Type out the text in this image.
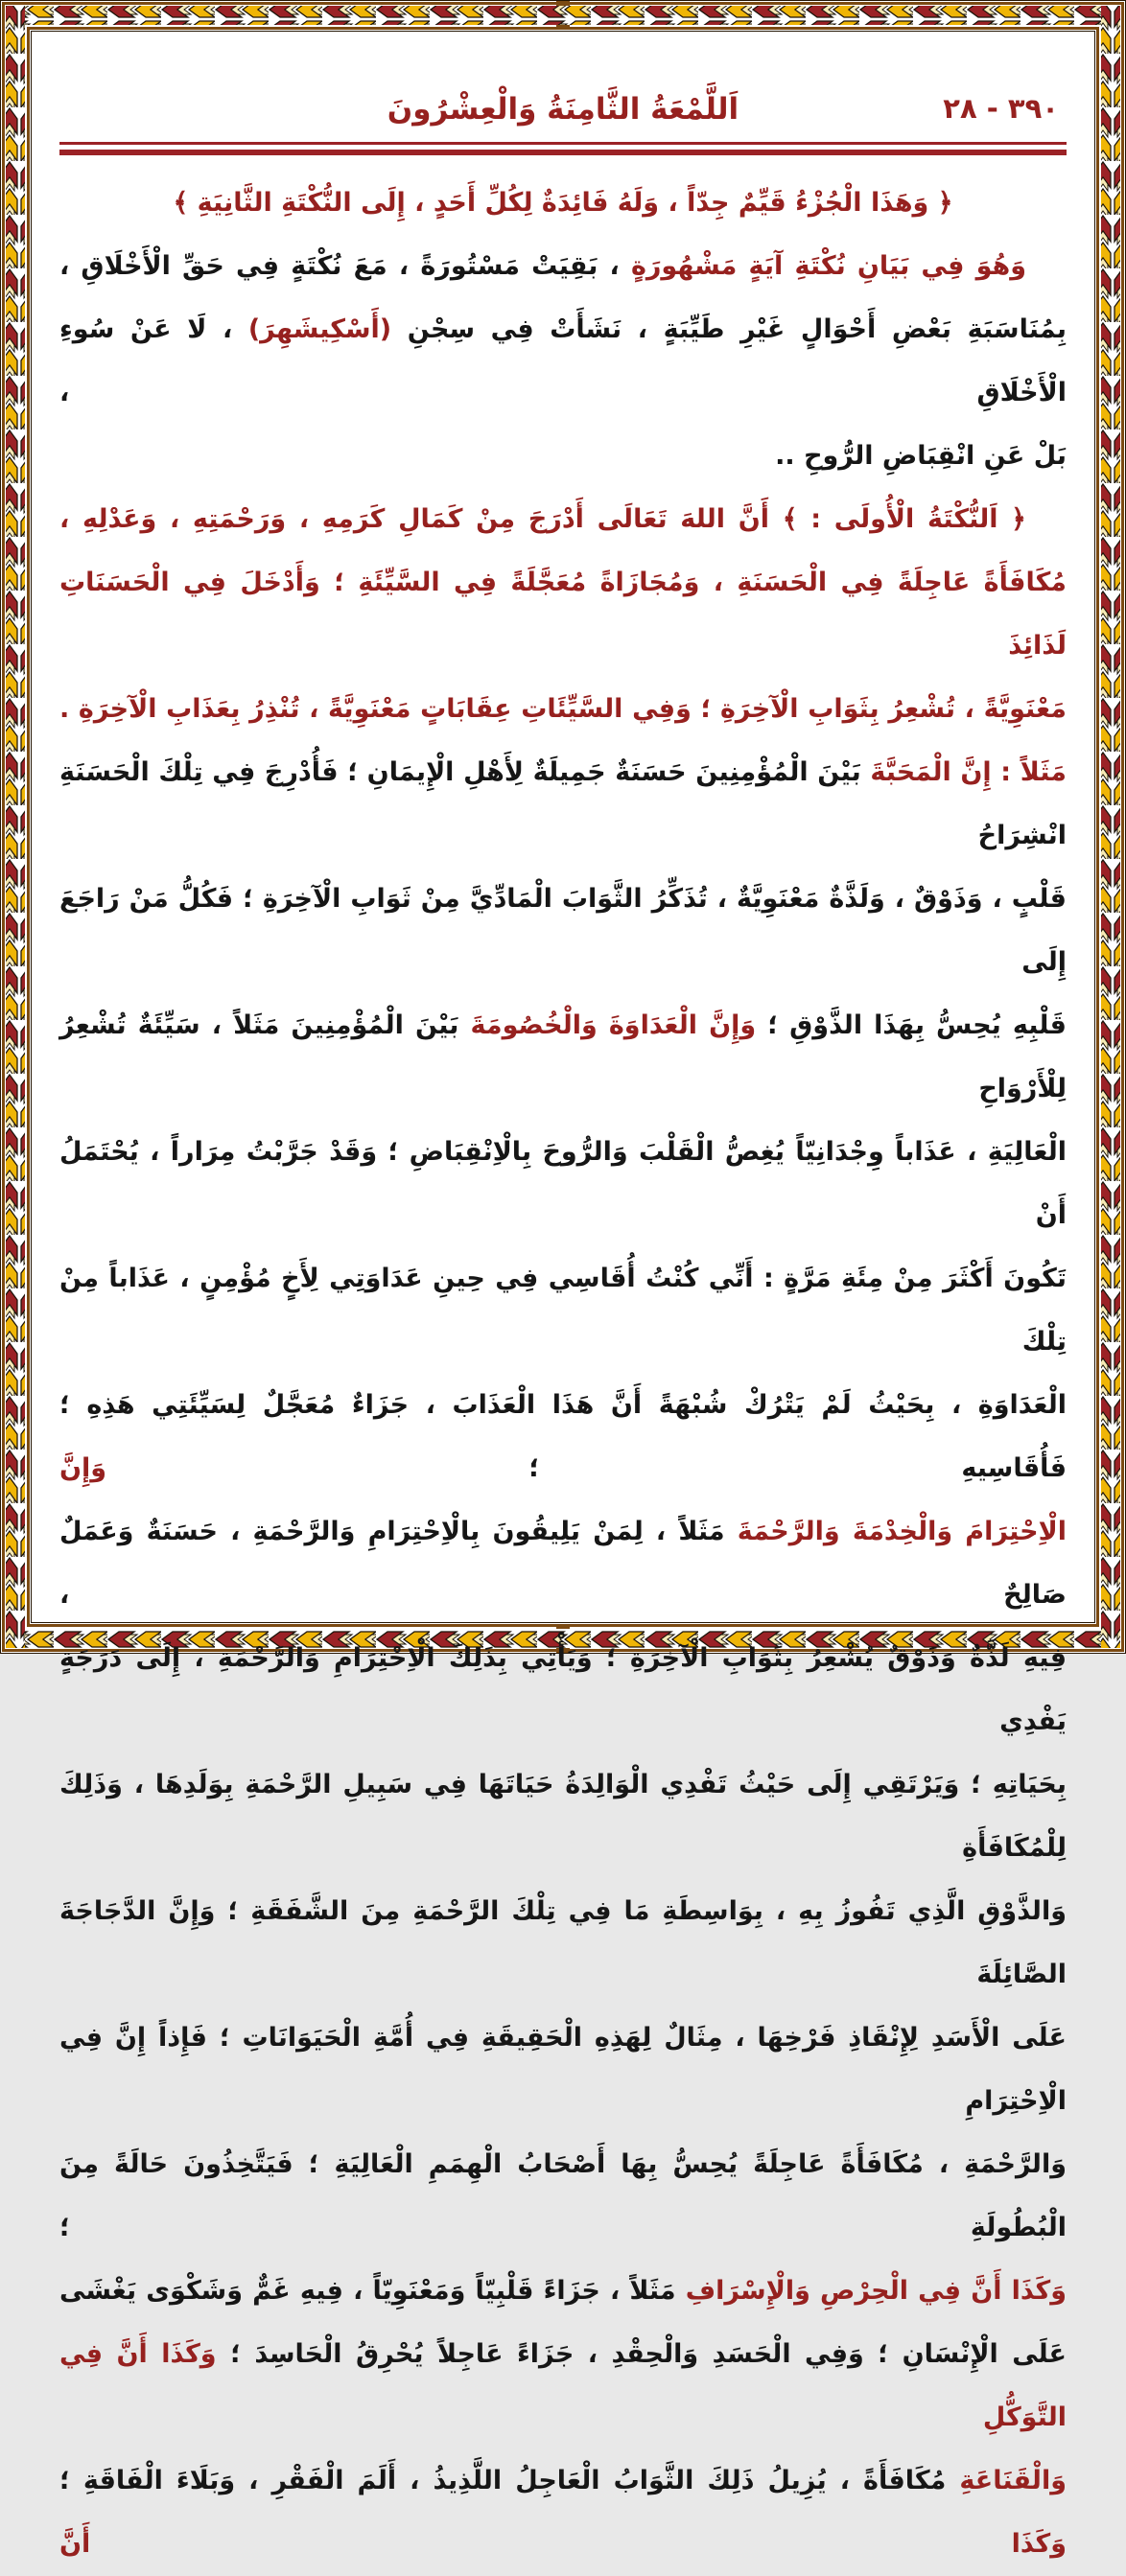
٣٩٠ - ٢٨
اَللَّمْعَةُ الثَّامِنَةُ وَالْعِشْرُونَ
﴿ وَهَذَا الْجُزْءُ قَيِّمٌ جِدّاً ، وَلَهُ فَائِدَةٌ لِكُلِّ أَحَدٍ ، إِلَى النُّكْتَةِ الثَّانِيَةِ ﴾
وَهُوَ فِي بَيَانِ نُكْتَةِ آيَةٍ مَشْهُورَةٍ ، بَقِيَتْ مَسْتُورَةً ، مَعَ نُكْتَةٍ فِي حَقِّ الْأَخْلَاقِ ،
بِمُنَاسَبَةِ بَعْضِ أَحْوَالٍ غَيْرِ طَيِّبَةٍ ، نَشَأَتْ فِي سِجْنِ (أَسْكِيشَهِرَ) ، لَا عَنْ سُوءِ الْأَخْلَاقِ ،
بَلْ عَنِ انْقِبَاضِ الرُّوحِ ..
﴿ اَلنُّكْتَةُ الْأُولَى : ﴾ أَنَّ اللهَ تَعَالَى أَدْرَجَ مِنْ كَمَالِ كَرَمِهِ ، وَرَحْمَتِهِ ، وَعَدْلِهِ ،
مُكَافَأَةً عَاجِلَةً فِي الْحَسَنَةِ ، وَمُجَازَاةً مُعَجَّلَةً فِي السَّيِّئَةِ ؛ وَأَدْخَلَ فِي الْحَسَنَاتِ لَذَائِذَ
مَعْنَوِيَّةً ، تُشْعِرُ بِثَوَابِ الْآخِرَةِ ؛ وَفِي السَّيِّئَاتِ عِقَابَاتٍ مَعْنَوِيَّةً ، تُنْذِرُ بِعَذَابِ الْآخِرَةِ .
مَثَلاً : إِنَّ الْمَحَبَّةَ بَيْنَ الْمُؤْمِنِينَ حَسَنَةٌ جَمِيلَةٌ لِأَهْلِ الْإِيمَانِ ؛ فَأُدْرِجَ فِي تِلْكَ الْحَسَنَةِ انْشِرَاحُ
قَلْبٍ ، وَذَوْقٌ ، وَلَذَّةٌ مَعْنَوِيَّةٌ ، تُذَكِّرُ الثَّوَابَ الْمَادِّيَّ مِنْ ثَوَابِ الْآخِرَةِ ؛ فَكُلُّ مَنْ رَاجَعَ إِلَى
قَلْبِهِ يُحِسُّ بِهَذَا الذَّوْقِ ؛ وَإِنَّ الْعَدَاوَةَ وَالْخُصُومَةَ بَيْنَ الْمُؤْمِنِينَ مَثَلاً ، سَيِّئَةٌ تُشْعِرُ لِلْأَرْوَاحِ
الْعَالِيَةِ ، عَذَاباً وِجْدَانِيّاً يُغِصُّ الْقَلْبَ وَالرُّوحَ بِالْاِنْقِبَاضِ ؛ وَقَدْ جَرَّبْتُ مِرَاراً ، يُحْتَمَلُ أَنْ
تَكُونَ أَكْثَرَ مِنْ مِئَةِ مَرَّةٍ : أَنِّي كُنْتُ أُقَاسِي فِي حِينِ عَدَاوَتِي لِأَخٍ مُؤْمِنٍ ، عَذَاباً مِنْ تِلْكَ
الْعَدَاوَةِ ، بِحَيْثُ لَمْ يَتْرُكْ شُبْهَةً أَنَّ هَذَا الْعَذَابَ ، جَزَاءٌ مُعَجَّلٌ لِسَيِّئَتِي هَذِهِ ؛ فَأُقَاسِيهِ ؛ وَإِنَّ
الْاِحْتِرَامَ وَالْخِدْمَةَ وَالرَّحْمَةَ مَثَلاً ، لِمَنْ يَلِيقُونَ بِالْاِحْتِرَامِ وَالرَّحْمَةِ ، حَسَنَةٌ وَعَمَلٌ صَالِحٌ ،
فِيهِ لَذَّةٌ وَذَوْقٌ يُشْعِرُ بِثَوَابِ الْآخِرَةِ ؛ وَيَأْتِي بِذَلِكَ الْاِحْتِرَامِ وَالرَّحْمَةِ ، إِلَى دَرَجَةٍ يَفْدِي
بِحَيَاتِهِ ؛ وَيَرْتَقِي إِلَى حَيْثُ تَفْدِي الْوَالِدَةُ حَيَاتَهَا فِي سَبِيلِ الرَّحْمَةِ بِوَلَدِهَا ، وَذَلِكَ لِلْمُكَافَأَةِ
وَالذَّوْقِ الَّذِي تَفُوزُ بِهِ ، بِوَاسِطَةِ مَا فِي تِلْكَ الرَّحْمَةِ مِنَ الشَّفَقَةِ ؛ وَإِنَّ الدَّجَاجَةَ الصَّائِلَةَ
عَلَى الْأَسَدِ لِإِنْقَاذِ فَرْخِهَا ، مِثَالٌ لِهَذِهِ الْحَقِيقَةِ فِي أُمَّةِ الْحَيَوَانَاتِ ؛ فَإِذاً إِنَّ فِي الْاِحْتِرَامِ
وَالرَّحْمَةِ ، مُكَافَأَةً عَاجِلَةً يُحِسُّ بِهَا أَصْحَابُ الْهِمَمِ الْعَالِيَةِ ؛ فَيَتَّخِذُونَ حَالَةً مِنَ الْبُطُولَةِ ؛
وَكَذَا أَنَّ فِي الْحِرْصِ وَالْإِسْرَافِ مَثَلاً ، جَزَاءً قَلْبِيّاً وَمَعْنَوِيّاً ، فِيهِ غَمٌّ وَشَكْوَى يَغْشَى
عَلَى الْإِنْسَانِ ؛ وَفِي الْحَسَدِ وَالْحِقْدِ ، جَزَاءً عَاجِلاً يُحْرِقُ الْحَاسِدَ ؛ وَكَذَا أَنَّ فِي التَّوَكُّلِ
وَالْقَنَاعَةِ مُكَافَأَةً ، يُزِيلُ ذَلِكَ الثَّوَابُ الْعَاجِلُ اللَّذِيذُ ، أَلَمَ الْفَقْرِ ، وَبَلَاءَ الْفَاقَةِ ؛ وَكَذَا أَنَّ
